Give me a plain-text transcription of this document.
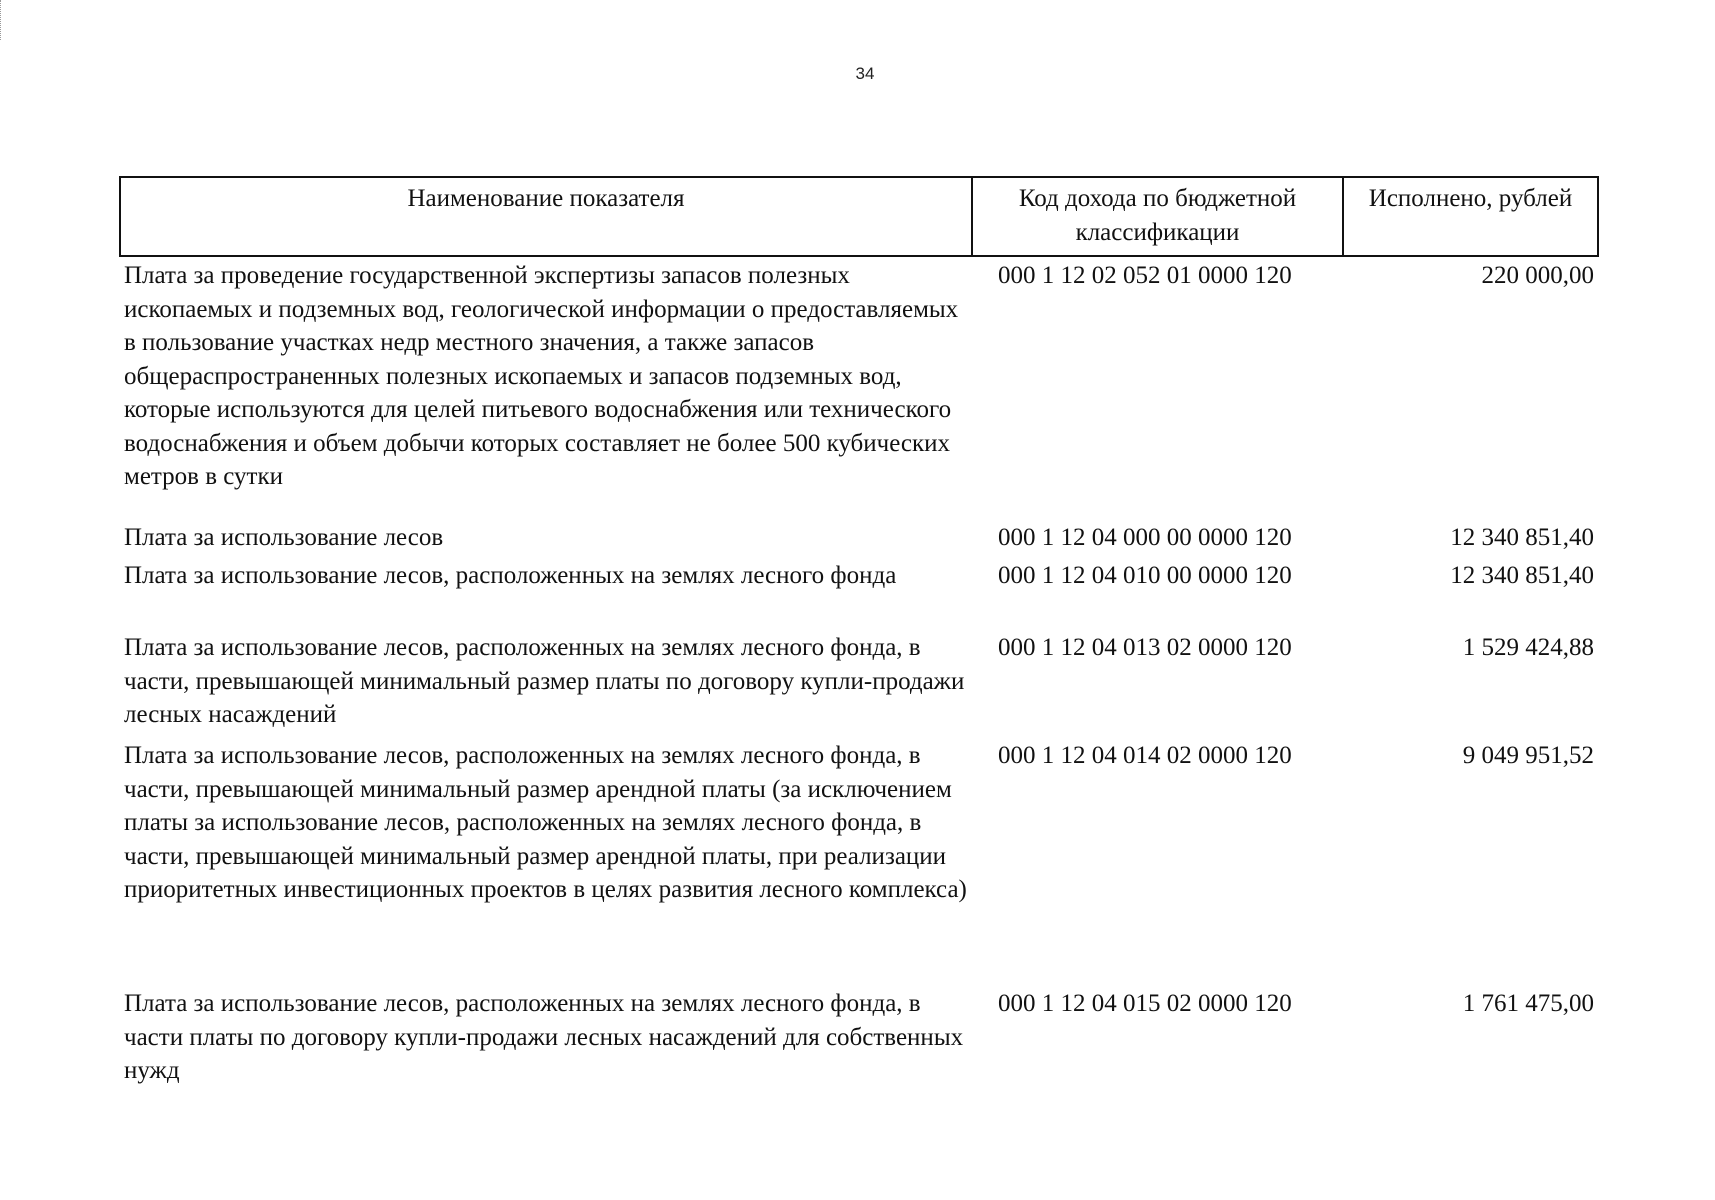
34
Наименование показателя	Код дохода по бюджетной классификации	Исполнено, рублей
Плата за проведение государственной экспертизы запасов полезных ископаемых и подземных вод, геологической информации о предоставляемых в пользование участках недр местного значения, а также запасов общераспространенных полезных ископаемых и запасов подземных вод, которые используются для целей питьевого водоснабжения или технического водоснабжения и объем добычи которых составляет не более 500 кубических метров в сутки	000 1 12 02 052 01 0000 120	220 000,00
Плата за использование лесов	000 1 12 04 000 00 0000 120	12 340 851,40
Плата за использование лесов, расположенных на землях лесного фонда	000 1 12 04 010 00 0000 120	12 340 851,40
Плата за использование лесов, расположенных на землях лесного фонда, в части, превышающей минимальный размер платы по договору купли-продажи лесных насаждений	000 1 12 04 013 02 0000 120	1 529 424,88
Плата за использование лесов, расположенных на землях лесного фонда, в части, превышающей минимальный размер арендной платы (за исключением платы за использование лесов, расположенных на землях лесного фонда, в части, превышающей минимальный размер арендной платы, при реализации приоритетных инвестиционных проектов в целях развития лесного комплекса)	000 1 12 04 014 02 0000 120	9 049 951,52
Плата за использование лесов, расположенных на землях лесного фонда, в части платы по договору купли-продажи лесных насаждений для собственных нужд	000 1 12 04 015 02 0000 120	1 761 475,00
